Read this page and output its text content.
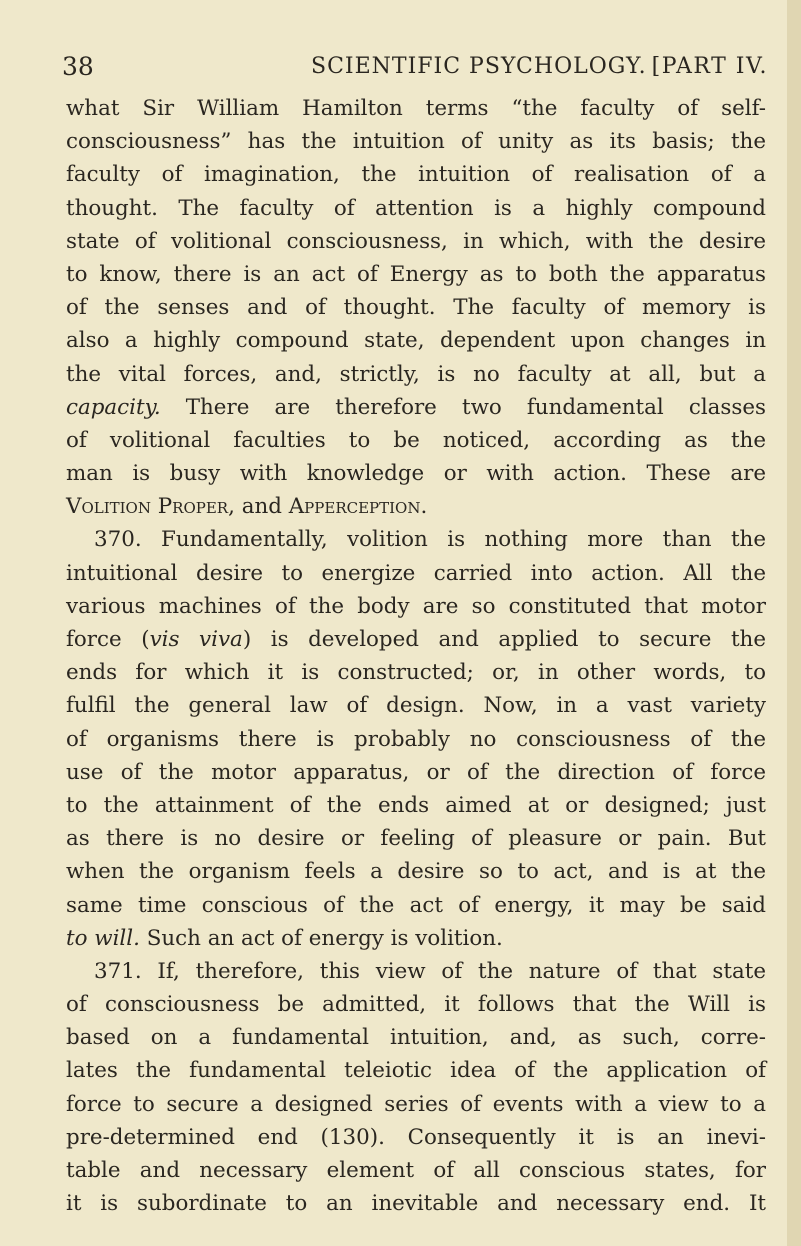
38	SCIENTIFIC PSYCHOLOGY. [PART IV.
what Sir William Hamilton terms “the faculty of self-
consciousness” has the intuition of unity as its basis; the
faculty of imagination, the intuition of realisation of a
thought. The faculty of attention is a highly compound
state of volitional consciousness, in which, with the desire
to know, there is an act of Energy as to both the apparatus
of the senses and of thought. The faculty of memory is
also a highly compound state, dependent upon changes in
the vital forces, and, strictly, is no faculty at all, but a
capacity. There are therefore two fundamental classes
of volitional faculties to be noticed, according as the
man is busy with knowledge or with action. These are
Volition Proper, and Apperception.
370. Fundamentally, volition is nothing more than the
intuitional desire to energize carried into action. All the
various machines of the body are so constituted that motor
force (vis viva) is developed and applied to secure the
ends for which it is constructed; or, in other words, to
fulfil the general law of design. Now, in a vast variety
of organisms there is probably no consciousness of the
use of the motor apparatus, or of the direction of force
to the attainment of the ends aimed at or designed; just
as there is no desire or feeling of pleasure or pain. But
when the organism feels a desire so to act, and is at the
same time conscious of the act of energy, it may be said
to will. Such an act of energy is volition.
371. If, therefore, this view of the nature of that state
of consciousness be admitted, it follows that the Will is
based on a fundamental intuition, and, as such, corre-
lates the fundamental teleiotic idea of the application of
force to secure a designed series of events with a view to a
pre-determined end (130). Consequently it is an inevi-
table and necessary element of all conscious states, for
it is subordinate to an inevitable and necessary end. It
